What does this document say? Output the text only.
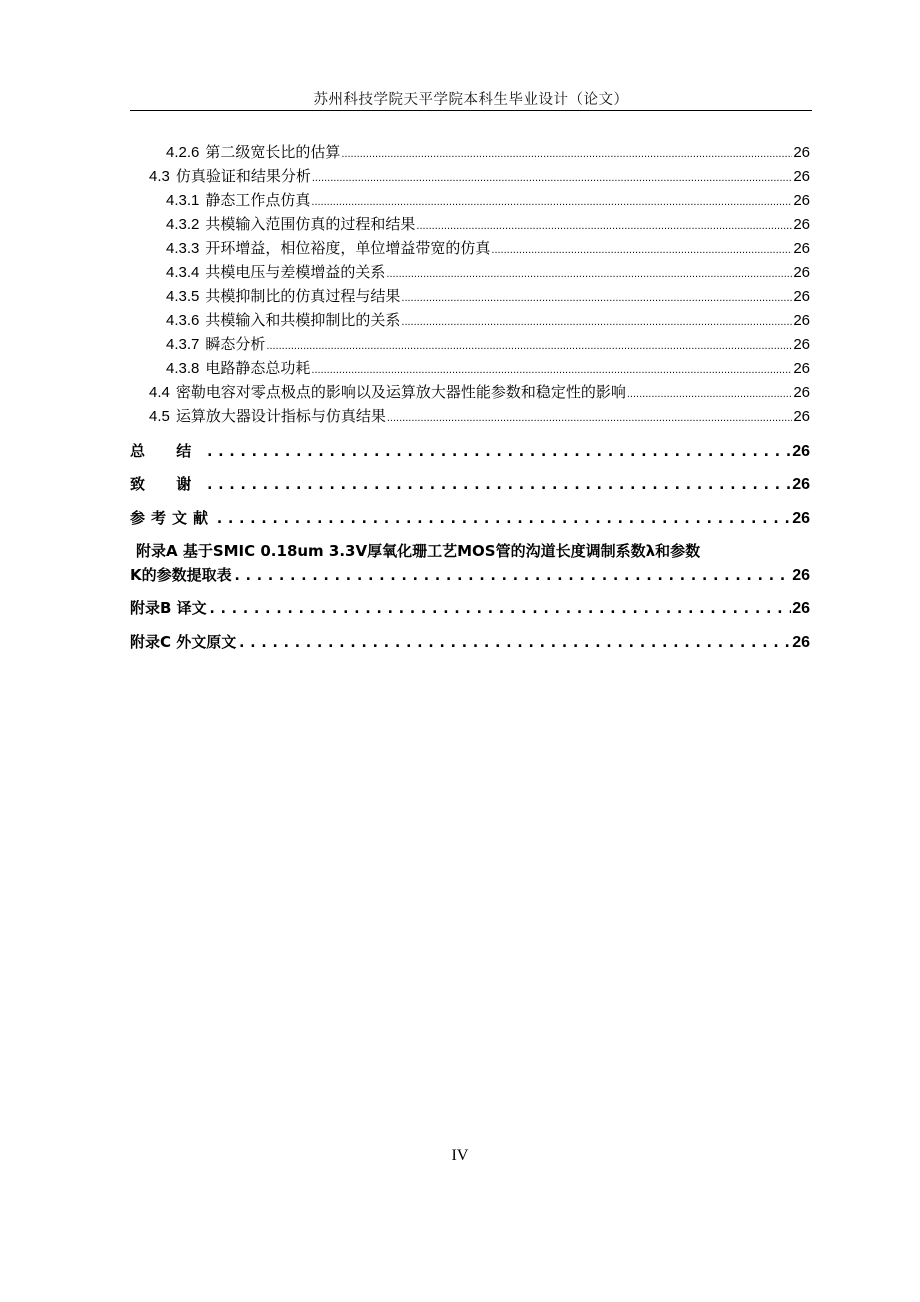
苏州科技学院天平学院本科生毕业设计（论文）
4.2.6 第二级宽长比的估算 .....	26
4.3 仿真验证和结果分析 .....	26
4.3.1 静态工作点仿真 .....	26
4.3.2 共模输入范围仿真的过程和结果 .....	26
4.3.3 开环增益，相位裕度，单位增益带宽的仿真 .....	26
4.3.4 共模电压与差模增益的关系 .....	26
4.3.5 共模抑制比的仿真过程与结果 .....	26
4.3.6 共模输入和共模抑制比的关系 .....	26
4.3.7 瞬态分析 .....	26
4.3.8 电路静态总功耗 .....	26
4.4 密勒电容对零点极点的影响以及运算放大器性能参数和稳定性的影响 .....	26
4.5 运算放大器设计指标与仿真结果 .....	26
总 结 .....	26
致 谢 .....	26
参考文献 .....	26
附录A 基于SMIC 0.18um 3.3V厚氧化珊工艺MOS管的沟道长度调制系数λ和参数
K的参数提取表 .....	26
附录B 译文 .....	26
附录C 外文原文 .....	26
IV
